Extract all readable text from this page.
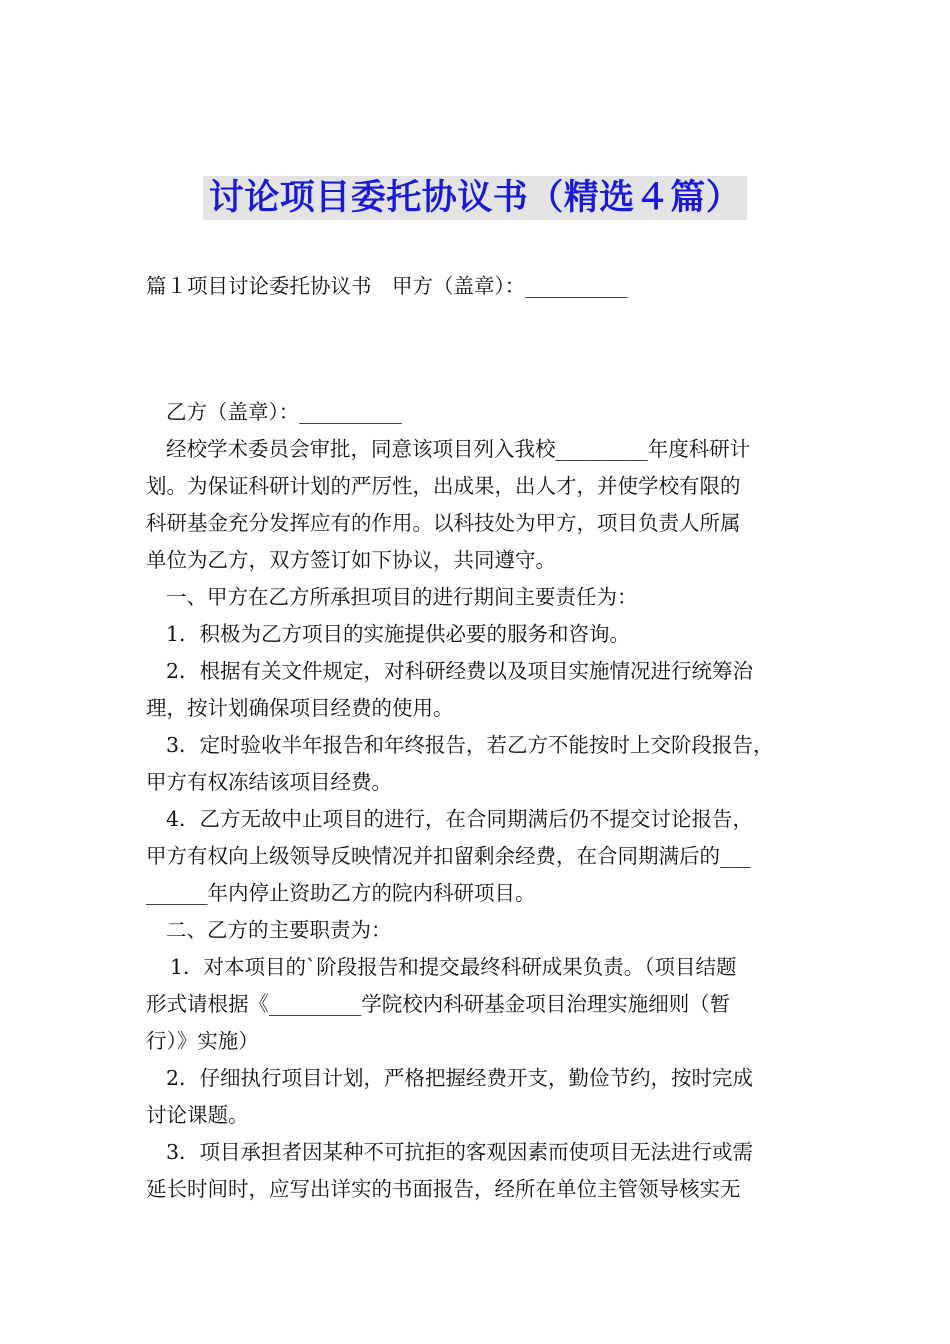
讨论项目委托协议书（精选４篇）
篇１项目讨论委托协议书　甲方（盖章）：__________
乙方（盖章）：__________
经校学术委员会审批，同意该项目列入我校_________年度科研计
划。为保证科研计划的严厉性，出成果，出人才，并使学校有限的
科研基金充分发挥应有的作用。以科技处为甲方，项目负责人所属
单位为乙方，双方签订如下协议，共同遵守。
一、甲方在乙方所承担项目的进行期间主要责任为：
1．积极为乙方项目的实施提供必要的服务和咨询。
2．根据有关文件规定，对科研经费以及项目实施情况进行统筹治
理，按计划确保项目经费的使用。
3．定时验收半年报告和年终报告，若乙方不能按时上交阶段报告，
甲方有权冻结该项目经费。
4．乙方无故中止项目的进行，在合同期满后仍不提交讨论报告，
甲方有权向上级领导反映情况并扣留剩余经费，在合同期满后的___
______年内停止资助乙方的院内科研项目。
二、乙方的主要职责为：
1．对本项目的`阶段报告和提交最终科研成果负责。（项目结题
形式请根据《_________学院校内科研基金项目治理实施细则（暂
行）》实施）
2．仔细执行项目计划，严格把握经费开支，勤俭节约，按时完成
讨论课题。
3．项目承担者因某种不可抗拒的客观因素而使项目无法进行或需
延长时间时，应写出详实的书面报告，经所在单位主管领导核实无
